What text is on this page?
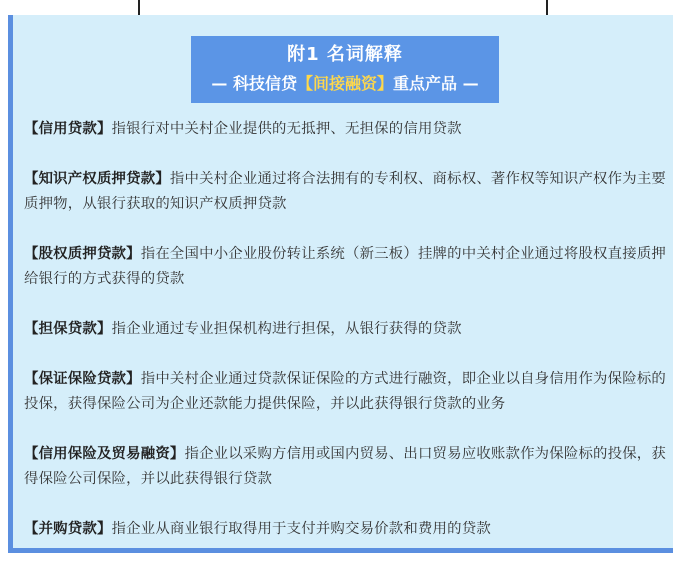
附1 名词解释
— 科技信贷【间接融资】重点产品 —

【信用贷款】指银行对中关村企业提供的无抵押、无担保的信用贷款

【知识产权质押贷款】指中关村企业通过将合法拥有的专利权、商标权、著作权等知识产权作为主要质押物，从银行获取的知识产权质押贷款

【股权质押贷款】指在全国中小企业股份转让系统（新三板）挂牌的中关村企业通过将股权直接质押给银行的方式获得的贷款

【担保贷款】指企业通过专业担保机构进行担保，从银行获得的贷款

【保证保险贷款】指中关村企业通过贷款保证保险的方式进行融资，即企业以自身信用作为保险标的投保，获得保险公司为企业还款能力提供保险，并以此获得银行贷款的业务

【信用保险及贸易融资】指企业以采购方信用或国内贸易、出口贸易应收账款作为保险标的投保，获得保险公司保险，并以此获得银行贷款

【并购贷款】指企业从商业银行取得用于支付并购交易价款和费用的贷款
